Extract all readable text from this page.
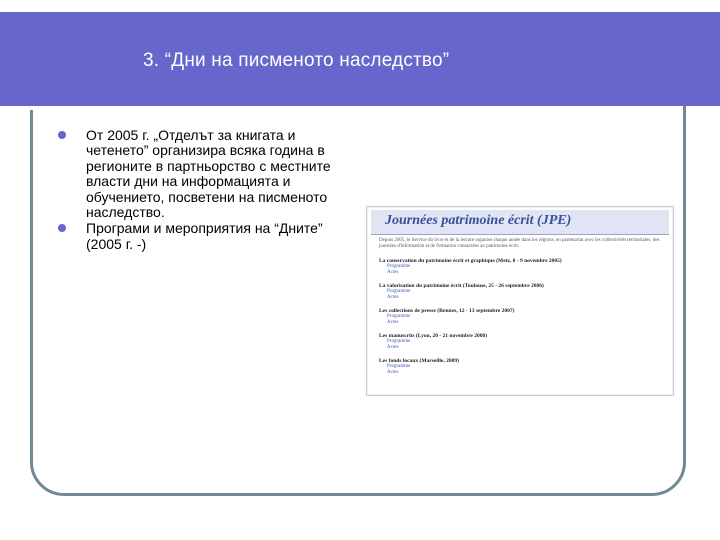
3. “Дни на писменото наследство”
От 2005 г. „Отделът за книгата и четенето” организира всяка година в регионите в партньорство с местните власти дни на информацията и обучението, посветени на писменото наследство.
Програми и мероприятия на “Дните” (2005 г. -)
Journées patrimoine écrit (JPE)
Depuis 2005, le Service du livre et de la lecture organise chaque année dans les régions, en partenariat avec les collectivités territoriales, des journées d'information et de formation consacrées au patrimoine écrit.
La conservation du patrimoine écrit et graphique (Metz, 8 - 9 novembre 2005)
Programme
Actes
La valorisation du patrimoine écrit (Toulouse, 25 - 26 septembre 2006)
Programme
Actes
Les collections de presse (Rennes, 12 - 13 septembre 2007)
Programme
Actes
Les manuscrits (Lyon, 20 - 21 novembre 2008)
Programme
Actes
Les fonds locaux (Marseille, 2009)
Programme
Actes
